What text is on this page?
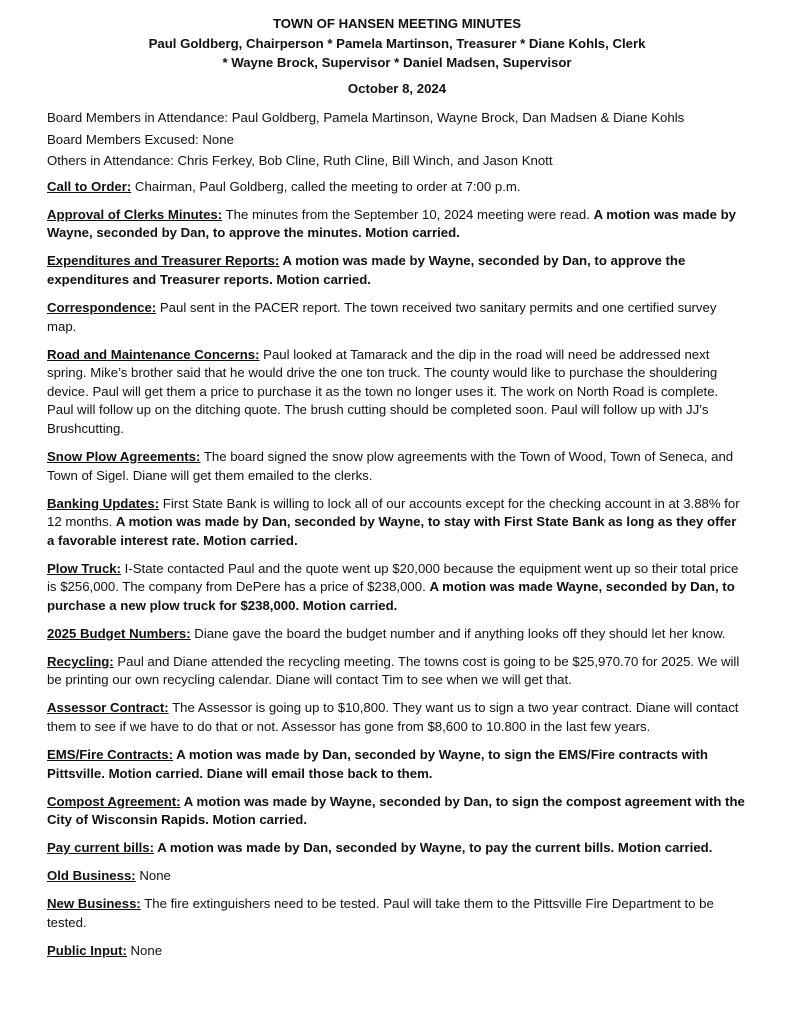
TOWN OF HANSEN MEETING MINUTES

Paul Goldberg, Chairperson * Pamela Martinson, Treasurer * Diane Kohls, Clerk

* Wayne Brock, Supervisor * Daniel Madsen, Supervisor

October 8, 2024

Board Members in Attendance: Paul Goldberg, Pamela Martinson, Wayne Brock, Dan Madsen & Diane Kohls

Board Members Excused: None

Others in Attendance: Chris Ferkey, Bob Cline, Ruth Cline, Bill Winch, and Jason Knott

Call to Order: Chairman, Paul Goldberg, called the meeting to order at 7:00 p.m.

Approval of Clerks Minutes: The minutes from the September 10, 2024 meeting were read. A motion was made by Wayne, seconded by Dan, to approve the minutes. Motion carried.

Expenditures and Treasurer Reports: A motion was made by Wayne, seconded by Dan, to approve the expenditures and Treasurer reports. Motion carried.

Correspondence: Paul sent in the PACER report. The town received two sanitary permits and one certified survey map.

Road and Maintenance Concerns: Paul looked at Tamarack and the dip in the road will need be addressed next spring. Mike’s brother said that he would drive the one ton truck. The county would like to purchase the shouldering device. Paul will get them a price to purchase it as the town no longer uses it. The work on North Road is complete. Paul will follow up on the ditching quote. The brush cutting should be completed soon. Paul will follow up with JJ’s Brushcutting.

Snow Plow Agreements: The board signed the snow plow agreements with the Town of Wood, Town of Seneca, and Town of Sigel. Diane will get them emailed to the clerks.

Banking Updates: First State Bank is willing to lock all of our accounts except for the checking account in at 3.88% for 12 months. A motion was made by Dan, seconded by Wayne, to stay with First State Bank as long as they offer a favorable interest rate. Motion carried.

Plow Truck: I-State contacted Paul and the quote went up $20,000 because the equipment went up so their total price is $256,000. The company from DePere has a price of $238,000. A motion was made Wayne, seconded by Dan, to purchase a new plow truck for $238,000. Motion carried.

2025 Budget Numbers: Diane gave the board the budget number and if anything looks off they should let her know.

Recycling: Paul and Diane attended the recycling meeting. The towns cost is going to be $25,970.70 for 2025. We will be printing our own recycling calendar. Diane will contact Tim to see when we will get that.

Assessor Contract: The Assessor is going up to $10,800. They want us to sign a two year contract. Diane will contact them to see if we have to do that or not. Assessor has gone from $8,600 to 10.800 in the last few years.

EMS/Fire Contracts: A motion was made by Dan, seconded by Wayne, to sign the EMS/Fire contracts with Pittsville. Motion carried. Diane will email those back to them.

Compost Agreement: A motion was made by Wayne, seconded by Dan, to sign the compost agreement with the City of Wisconsin Rapids. Motion carried.

Pay current bills: A motion was made by Dan, seconded by Wayne, to pay the current bills. Motion carried.

Old Business: None

New Business: The fire extinguishers need to be tested. Paul will take them to the Pittsville Fire Department to be tested.

Public Input: None
